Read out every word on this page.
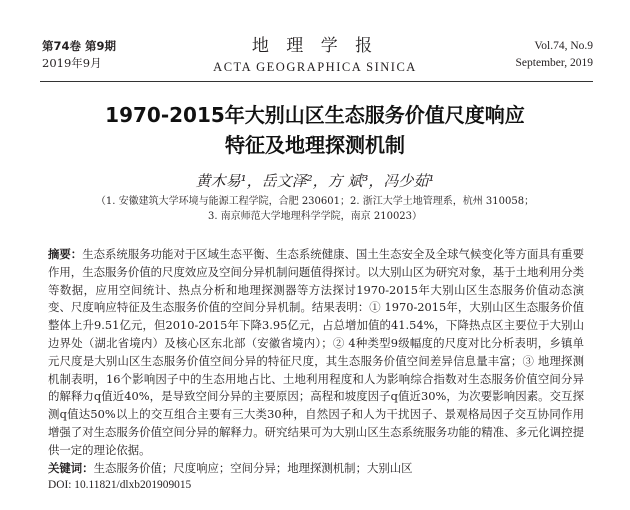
第74卷 第9期
2019年9月
地 理 学 报
ACTA GEOGRAPHICA SINICA
Vol.74, No.9
September, 2019
1970-2015年大别山区生态服务价值尺度响应
特征及地理探测机制
黄木易¹，岳文泽²，方 斌³，冯少茹¹
（1. 安徽建筑大学环境与能源工程学院，合肥 230601；2. 浙江大学土地管理系，杭州 310058；
3. 南京师范大学地理科学学院，南京 210023）

摘要：生态系统服务功能对于区域生态平衡、生态系统健康、国土生态安全及全球气候变化等方面具有重要作用，生态服务价值的尺度效应及空间分异机制问题值得探讨。以大别山区为研究对象，基于土地利用分类等数据，应用空间统计、热点分析和地理探测器等方法探讨1970-2015年大别山区生态服务价值动态演变、尺度响应特征及生态服务价值的空间分异机制。结果表明：① 1970-2015年，大别山区生态服务价值整体上升9.51亿元，但2010-2015年下降3.95亿元，占总增加值的41.54%，下降热点区主要位于大别山边界处（湖北省境内）及核心区东北部（安徽省境内）；② 4种类型9级幅度的尺度对比分析表明，乡镇单元尺度是大别山区生态服务价值空间分异的特征尺度，其生态服务价值空间差异信息量丰富；③ 地理探测机制表明，16个影响因子中的生态用地占比、土地利用程度和人为影响综合指数对生态服务价值空间分异的解释力q值近40%，是导致空间分异的主要原因；高程和坡度因子q值近30%，为次要影响因素。交互探测q值达50%以上的交互组合主要有三大类30种，自然因子和人为干扰因子、景观格局因子交互协同作用增强了对生态服务价值空间分异的解释力。研究结果可为大别山区生态系统服务功能的精准、多元化调控提供一定的理论依据。

关键词：生态服务价值；尺度响应；空间分异；地理探测机制；大别山区

DOI: 10.11821/dlxb201909015
